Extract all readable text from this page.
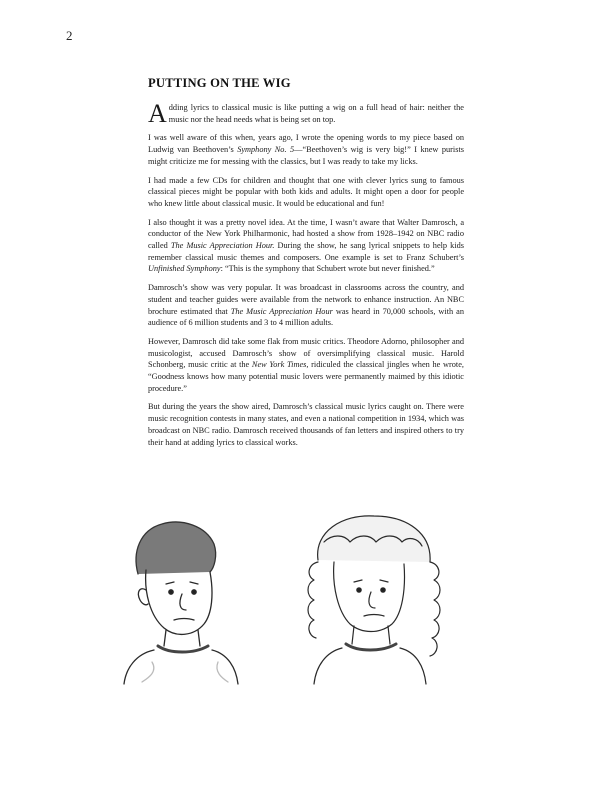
2
PUTTING ON THE WIG

Adding lyrics to classical music is like putting a wig on a full head of hair: neither the music nor the head needs what is being set on top.

I was well aware of this when, years ago, I wrote the opening words to my piece based on Ludwig van Beethoven’s Symphony No. 5—“Beethoven’s wig is very big!” I knew purists might criticize me for messing with the classics, but I was ready to take my licks.

I had made a few CDs for children and thought that one with clever lyrics sung to famous classical pieces might be popular with both kids and adults. It might open a door for people who knew little about classical music. It would be educational and fun!

I also thought it was a pretty novel idea. At the time, I wasn’t aware that Walter Damrosch, a conductor of the New York Philharmonic, had hosted a show from 1928–1942 on NBC radio called The Music Appreciation Hour. During the show, he sang lyrical snippets to help kids remember classical music themes and composers. One example is set to Franz Schubert’s Unfinished Symphony: “This is the symphony that Schubert wrote but never finished.”

Damrosch’s show was very popular. It was broadcast in classrooms across the country, and student and teacher guides were available from the network to enhance instruction. An NBC brochure estimated that The Music Appreciation Hour was heard in 70,000 schools, with an audience of 6 million students and 3 to 4 million adults.

However, Damrosch did take some flak from music critics. Theodore Adorno, philosopher and musicologist, accused Damrosch’s show of oversimplifying classical music. Harold Schonberg, music critic at the New York Times, ridiculed the classical jingles when he wrote, “Goodness knows how many potential music lovers were permanently maimed by this idiotic procedure.”

But during the years the show aired, Damrosch’s classical music lyrics caught on. There were music recognition contests in many states, and even a national competition in 1934, which was broadcast on NBC radio. Damrosch received thousands of fan letters and inspired others to try their hand at adding lyrics to classical works.
